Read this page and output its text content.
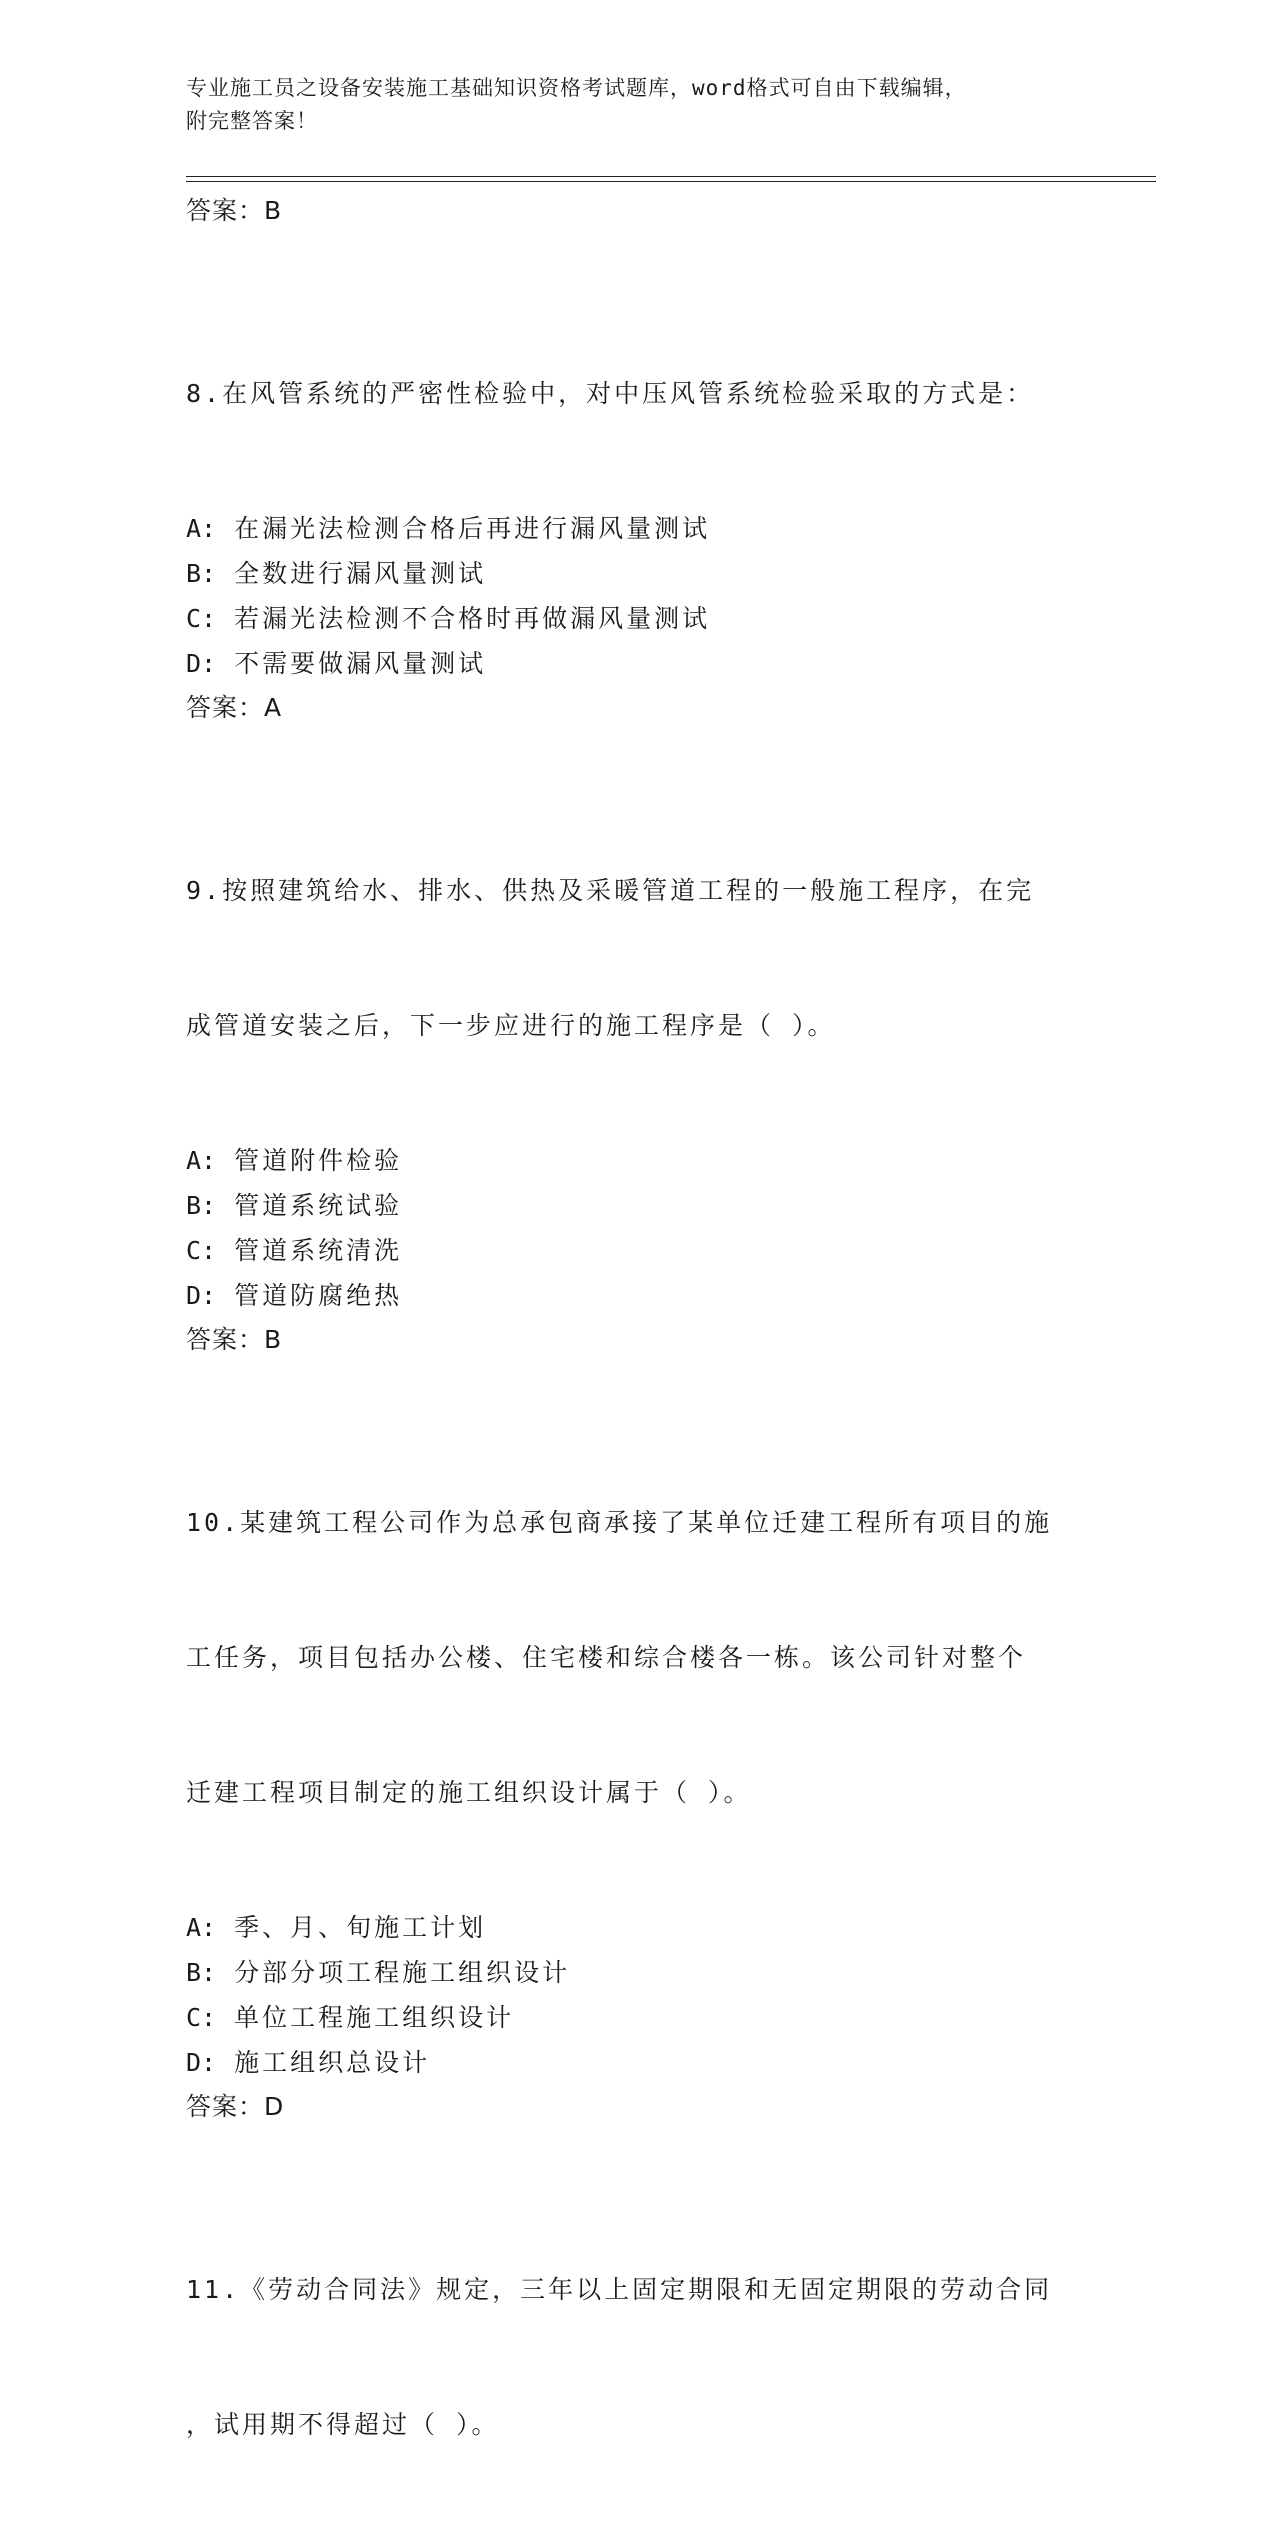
专业施工员之设备安装施工基础知识资格考试题库，word格式可自由下载编辑，
附完整答案！
答案：B

8.在风管系统的严密性检验中，对中压风管系统检验采取的方式是：

A: 在漏光法检测合格后再进行漏风量测试
B: 全数进行漏风量测试
C: 若漏光法检测不合格时再做漏风量测试
D: 不需要做漏风量测试
答案：A

9.按照建筑给水、排水、供热及采暖管道工程的一般施工程序，在完

成管道安装之后，下一步应进行的施工程序是（ ）。

A: 管道附件检验
B: 管道系统试验
C: 管道系统清洗
D: 管道防腐绝热
答案：B

10.某建筑工程公司作为总承包商承接了某单位迁建工程所有项目的施

工任务，项目包括办公楼、住宅楼和综合楼各一栋。该公司针对整个

迁建工程项目制定的施工组织设计属于（ ）。

A: 季、月、旬施工计划
B: 分部分项工程施工组织设计
C: 单位工程施工组织设计
D: 施工组织总设计
答案：D

11.《劳动合同法》规定，三年以上固定期限和无固定期限的劳动合同

，试用期不得超过（ ）。
